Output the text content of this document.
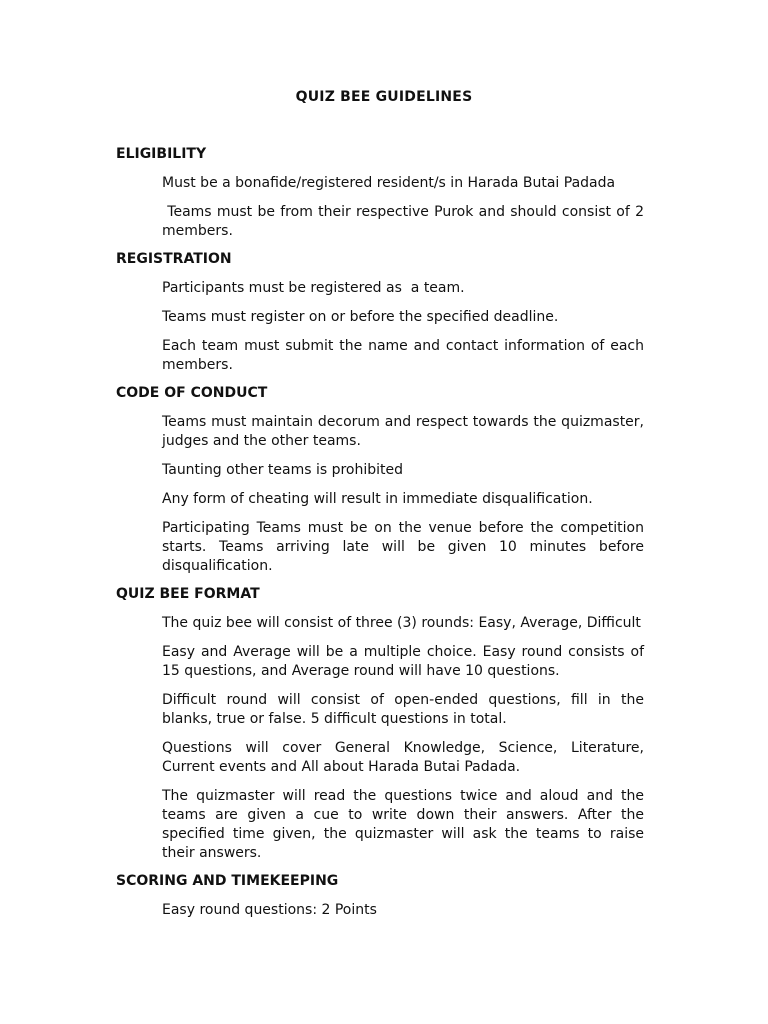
QUIZ BEE GUIDELINES
ELIGIBILITY

Must be a bonafide/registered resident/s in Harada Butai Padada

Teams must be from their respective Purok and should consist of 2 members.

REGISTRATION

Participants must be registered as  a team.

Teams must register on or before the specified deadline.

Each team must submit the name and contact information of each members.

CODE OF CONDUCT

Teams must maintain decorum and respect towards the quizmaster, judges and the other teams.

Taunting other teams is prohibited

Any form of cheating will result in immediate disqualification.

Participating Teams must be on the venue before the competition starts. Teams arriving late will be given 10 minutes before disqualification.

QUIZ BEE FORMAT

The quiz bee will consist of three (3) rounds: Easy, Average, Difficult

Easy and Average will be a multiple choice. Easy round consists of 15 questions, and Average round will have 10 questions.

Difficult round will consist of open-ended questions, fill in the blanks, true or false. 5 difficult questions in total.

Questions will cover General Knowledge, Science, Literature, Current events and All about Harada Butai Padada.

The quizmaster will read the questions twice and aloud and the teams are given a cue to write down their answers. After the specified time given, the quizmaster will ask the teams to raise their answers.

SCORING AND TIMEKEEPING

Easy round questions: 2 Points
